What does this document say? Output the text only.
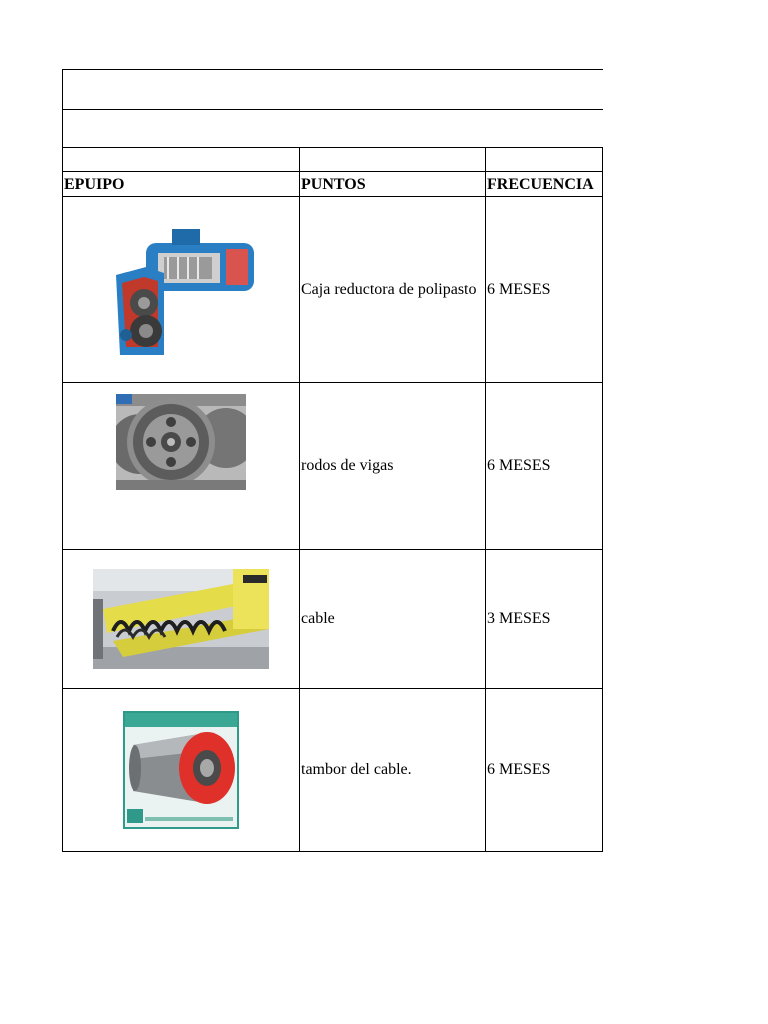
EPUIPO	PUNTOS	FRECUENCIA

	Caja reductora de polipasto	6 MESES

	rodos de vigas	6 MESES

	cable	3 MESES

	tambor del cable.	6 MESES
